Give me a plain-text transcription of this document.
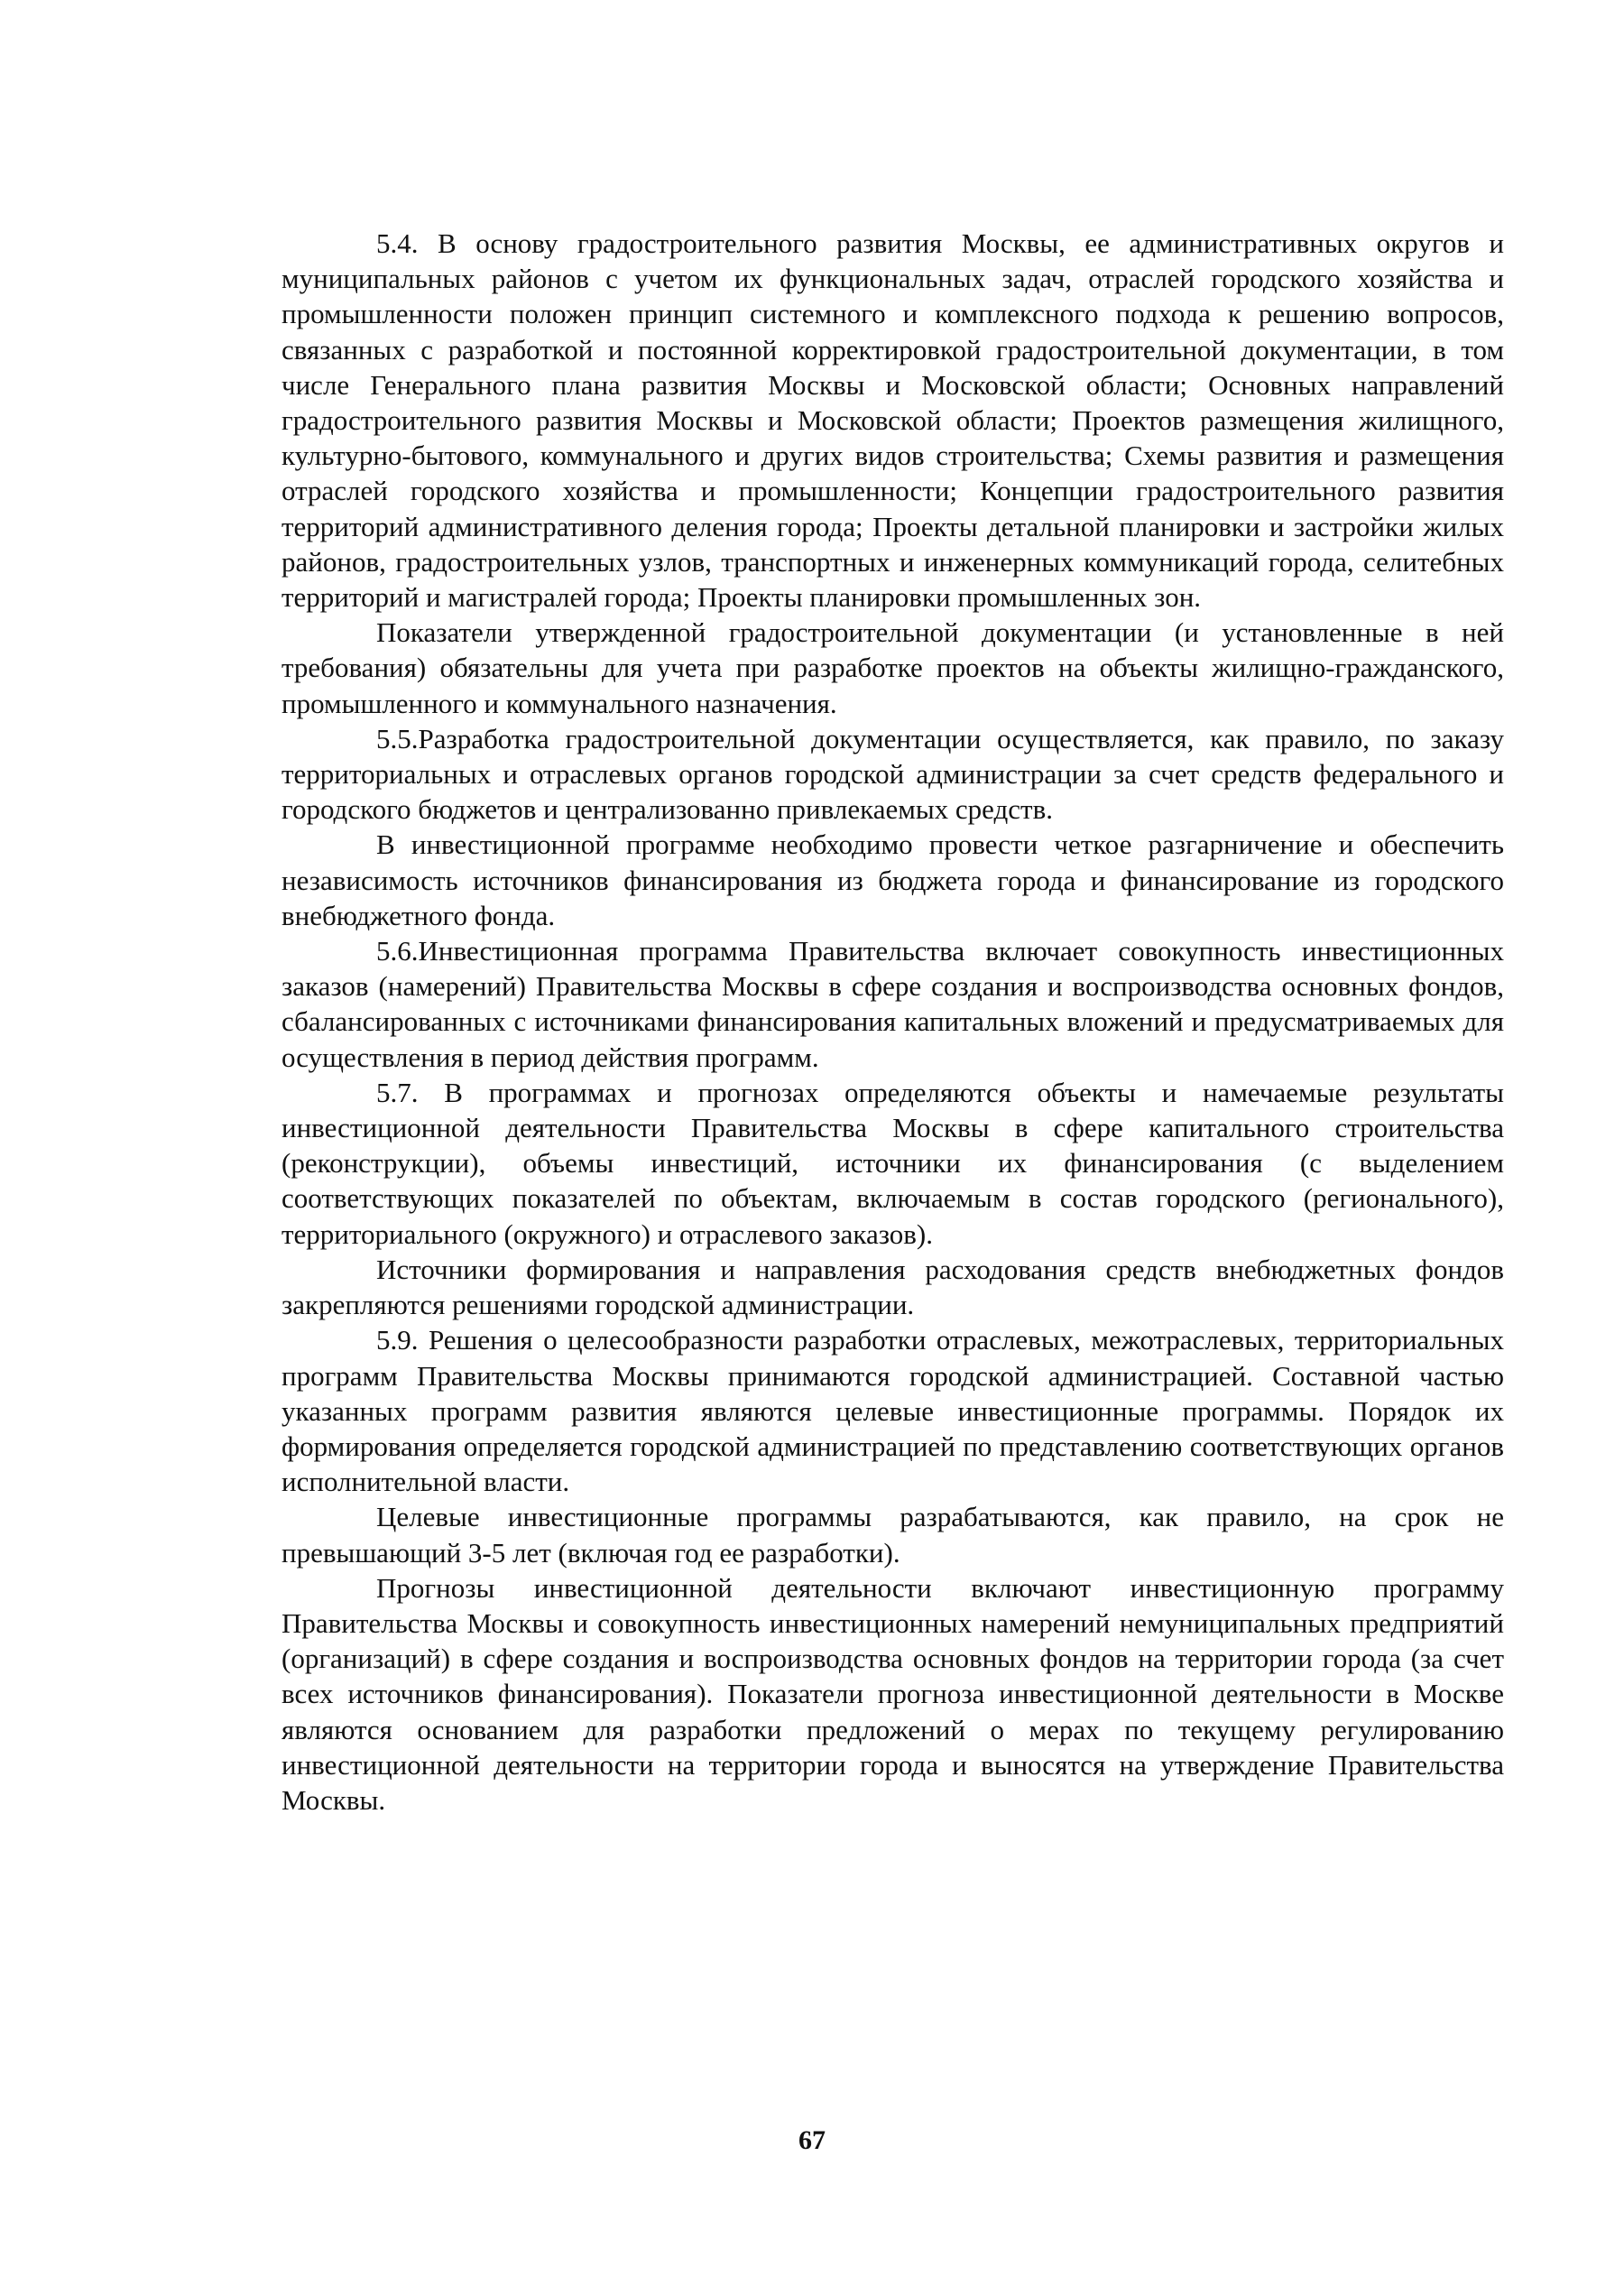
5.4. В основу градостроительного развития Москвы, ее административных округов и муниципальных районов с учетом их функциональных задач, отраслей городского хозяйства и промышленности положен принцип системного и комплексного подхода к решению вопросов, связанных с разработкой и постоянной корректировкой градостроительной документации, в том числе Генерального плана развития Москвы и Московской области; Основных направлений градостроительного развития Москвы и Московской области; Проектов размещения жилищного, культурно-бытового, коммунального и других видов строительства; Схемы развития и размещения отраслей городского хозяйства и промышленности; Концепции градостроительного развития территорий административного деления города; Проекты детальной планировки и застройки жилых районов, градостроительных узлов, транспортных и инженерных коммуникаций города, селитебных территорий и магистралей города; Проекты планировки промышленных зон.

Показатели утвержденной градостроительной документации (и установленные в ней требования) обязательны для учета при разработке проектов на объекты жилищно-гражданского, промышленного и коммунального назначения.

5.5.Разработка градостроительной документации осуществляется, как правило, по заказу территориальных и отраслевых органов городской администрации за счет средств федерального и городского бюджетов и централизованно привлекаемых средств.

В инвестиционной программе необходимо провести четкое разгарничение и обеспечить независимость источников финансирования из бюджета города и финансирование из городского внебюджетного фонда.

5.6.Инвестиционная программа Правительства включает совокупность инвестиционных заказов (намерений) Правительства Москвы в сфере создания и воспроизводства основных фондов, сбалансированных с источниками финансирования капитальных вложений и предусматриваемых для осуществления в период действия программ.

5.7. В программах и прогнозах определяются объекты и намечаемые результаты инвестиционной деятельности Правительства Москвы в сфере капитального строительства (реконструкции), объемы инвестиций, источники их финансирования (с выделением соответствующих показателей по объектам, включаемым в состав городского (регионального), территориального (окружного) и отраслевого заказов).

Источники формирования и направления расходования средств внебюджетных фондов закрепляются решениями городской администрации.

5.9. Решения о целесообразности разработки отраслевых, межотраслевых, территориальных программ Правительства Москвы принимаются городской администрацией. Составной частью указанных программ развития являются целевые инвестиционные программы. Порядок их формирования определяется городской администрацией по представлению соответствующих органов исполнительной власти.

Целевые инвестиционные программы разрабатываются, как правило, на срок не превышающий 3-5 лет (включая год ее разработки).

Прогнозы инвестиционной деятельности включают инвестиционную программу Правительства Москвы и совокупность инвестиционных намерений немуниципальных предприятий (организаций) в сфере создания и воспроизводства основных фондов на территории города (за счет всех источников финансирования). Показатели прогноза инвестиционной деятельности в Москве являются основанием для разработки предложений о мерах по текущему регулированию инвестиционной деятельности на территории города и выносятся на утверждение Правительства Москвы.

67
